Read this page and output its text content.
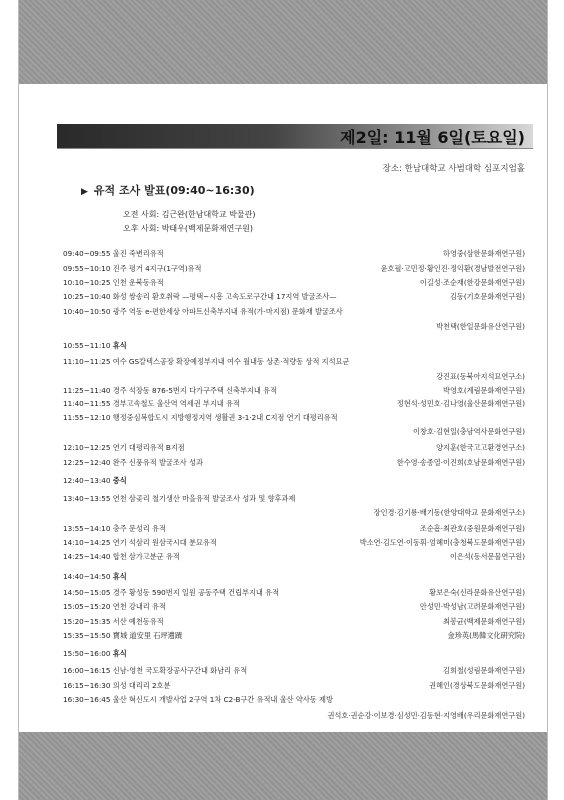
제2일: 11월 6일(토요일)
장소: 한남대학교 사범대학 심포지엄홀
▶ 유적 조사 발표(09:40~16:30)
오전 사회: 김근완(한남대학교 박물관)
오후 사회: 박태우(백제문화재연구원)
09:40~09:55 울진 죽변리유적	하영중(삼한문화재연구원)
09:55~10:10 진주 평거 4지구(1구역)유적	윤호필·고민정·황인진·정익환(경남발전연구원)
10:10~10:25 인천 운북동유적	이길성·조순재(한강문화재연구원)
10:25~10:40 화성 쌍송리 환호취락 —평택~시흥 고속도로구간내 17지역 발굴조사—	김동(기호문화재연구원)
10:40~10:50 광주 역동 e-편한세상 아파트신축부지내 유적(가·마지점) 문화재 발굴조사
박천택(한일문화유산연구원)
10:55~11:10 휴식
11:10~11:25 여수 GS칼텍스공장 확장예정부지내 여수 월내동 상촌·적량동 상적 지석묘군
강진표(동북아지석묘연구소)
11:25~11:40 경주 석장동 876-5번지 다가구주택 신축부지내 유적	박영호(계림문화재연구원)
11:40~11:55 경부고속철도 울산역 역세권 부지내 유적	정현석·성민호·김나영(울산문화재연구원)
11:55~12:10 행정중심복합도시 지방행정지역 생활권 3-1·2내 C지점 연기 대평리유적
이창호·김현일(충남역사문화연구원)
12:10~12:25 연기 대평리유적 B지점	양지훈(한국고고환경연구소)
12:25~12:40 완주 신풍유적 발굴조사 성과	한수영·송종열·이진희(호남문화재연구원)
12:40~13:40 중식
13:40~13:55 연천 삼곶리 철기생산 마을유적 발굴조사 성과 및 향후과제
장인경·김기룡·배기동(한양대학교 문화재연구소)
13:55~14:10 충주 문성리 유적	조순흠·최관호(중원문화재연구원)
14:10~14:25 연기 석삼리 원삼국시대 분묘유적	박소연·김도연·이동휘·엄혜미(충청북도문화재연구원)
14:25~14:40 합천 삼가고분군 유적	이은석(동서문물연구원)
14:40~14:50 휴식
14:50~15:05 경주 황성동 590번지 일원 공동주택 건립부지내 유적	황보은숙(신라문화유산연구원)
15:05~15:20 연천 강내리 유적	안성민·박성남(고려문화재연구원)
15:20~15:35 서산 예천동유적	최봉균(백제문화재연구원)
15:35~15:50 寶城 道安里 石坪遺蹟	金珍英(馬韓文化硏究院)
15:50~16:00 휴식
16:00~16:15 신남-영천 국도확장공사구간내 화남리 유적	김희철(성림문화재연구원)
16:15~16:30 의성 대리리 2호분	권혜인(경상북도문화재연구원)
16:30~16:45 울산 혁신도시 개발사업 2구역 1차 C2-B구간 유적내 울산 약사동 제방
권석호·권순강·이보경·심성민·김동현·지영배(우리문화재연구원)
